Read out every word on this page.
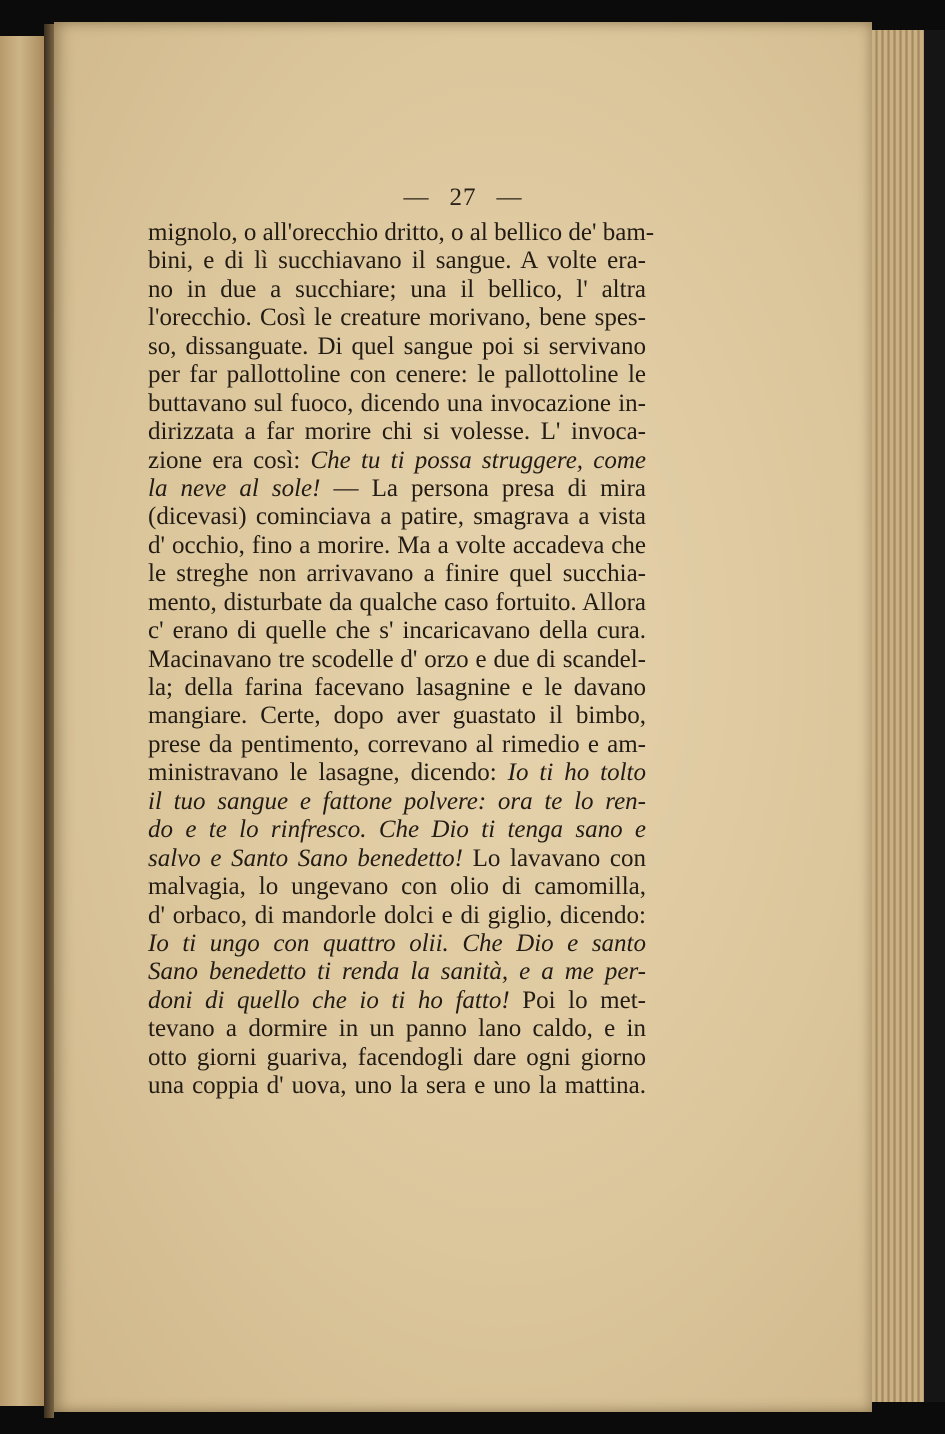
— 27 —
mignolo, o all'orecchio dritto, o al bellico de' bam-
bini, e di lì succhiavano il sangue. A volte era-
no in due a succhiare; una il bellico, l' altra
l'orecchio. Così le creature morivano, bene spes-
so, dissanguate. Di quel sangue poi si servivano
per far pallottoline con cenere: le pallottoline le
buttavano sul fuoco, dicendo una invocazione in-
dirizzata a far morire chi si volesse. L' invoca-
zione era così: Che tu ti possa struggere, come
la neve al sole! — La persona presa di mira
(dicevasi) cominciava a patire, smagrava a vista
d' occhio, fino a morire. Ma a volte accadeva che
le streghe non arrivavano a finire quel succhia-
mento, disturbate da qualche caso fortuito. Allora
c' erano di quelle che s' incaricavano della cura.
Macinavano tre scodelle d' orzo e due di scandel-
la; della farina facevano lasagnine e le davano
mangiare. Certe, dopo aver guastato il bimbo,
prese da pentimento, correvano al rimedio e am-
ministravano le lasagne, dicendo: Io ti ho tolto
il tuo sangue e fattone polvere: ora te lo ren-
do e te lo rinfresco. Che Dio ti tenga sano e
salvo e Santo Sano benedetto! Lo lavavano con
malvagia, lo ungevano con olio di camomilla,
d' orbaco, di mandorle dolci e di giglio, dicendo:
Io ti ungo con quattro olii. Che Dio e santo
Sano benedetto ti renda la sanità, e a me per-
doni di quello che io ti ho fatto! Poi lo met-
tevano a dormire in un panno lano caldo, e in
otto giorni guariva, facendogli dare ogni giorno
una coppia d' uova, uno la sera e uno la mattina.
